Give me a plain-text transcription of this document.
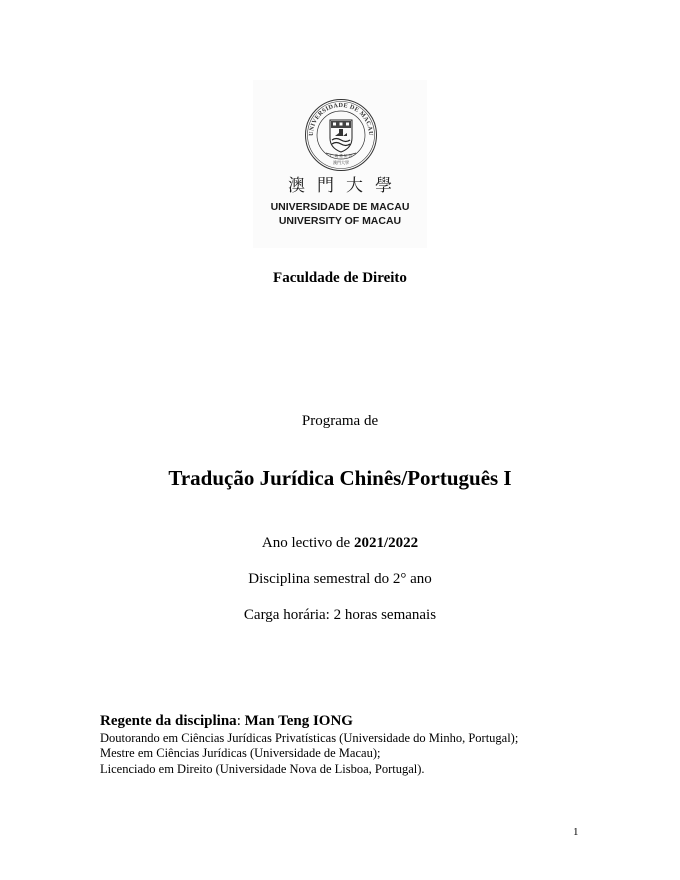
UNIVERSIDADE DE MACAU
仁 義 禮 知 信
澳門大學
澳門大學
UNIVERSIDADE DE MACAU
UNIVERSITY OF MACAU
Faculdade de Direito
Programa de
Tradução Jurídica Chinês/Português I
Ano lectivo de 2021/2022
Disciplina semestral do 2° ano
Carga horária: 2 horas semanais
Regente da disciplina: Man Teng IONG
Doutorando em Ciências Jurídicas Privatísticas (Universidade do Minho, Portugal);
Mestre em Ciências Jurídicas (Universidade de Macau);
Licenciado em Direito (Universidade Nova de Lisboa, Portugal).
1
